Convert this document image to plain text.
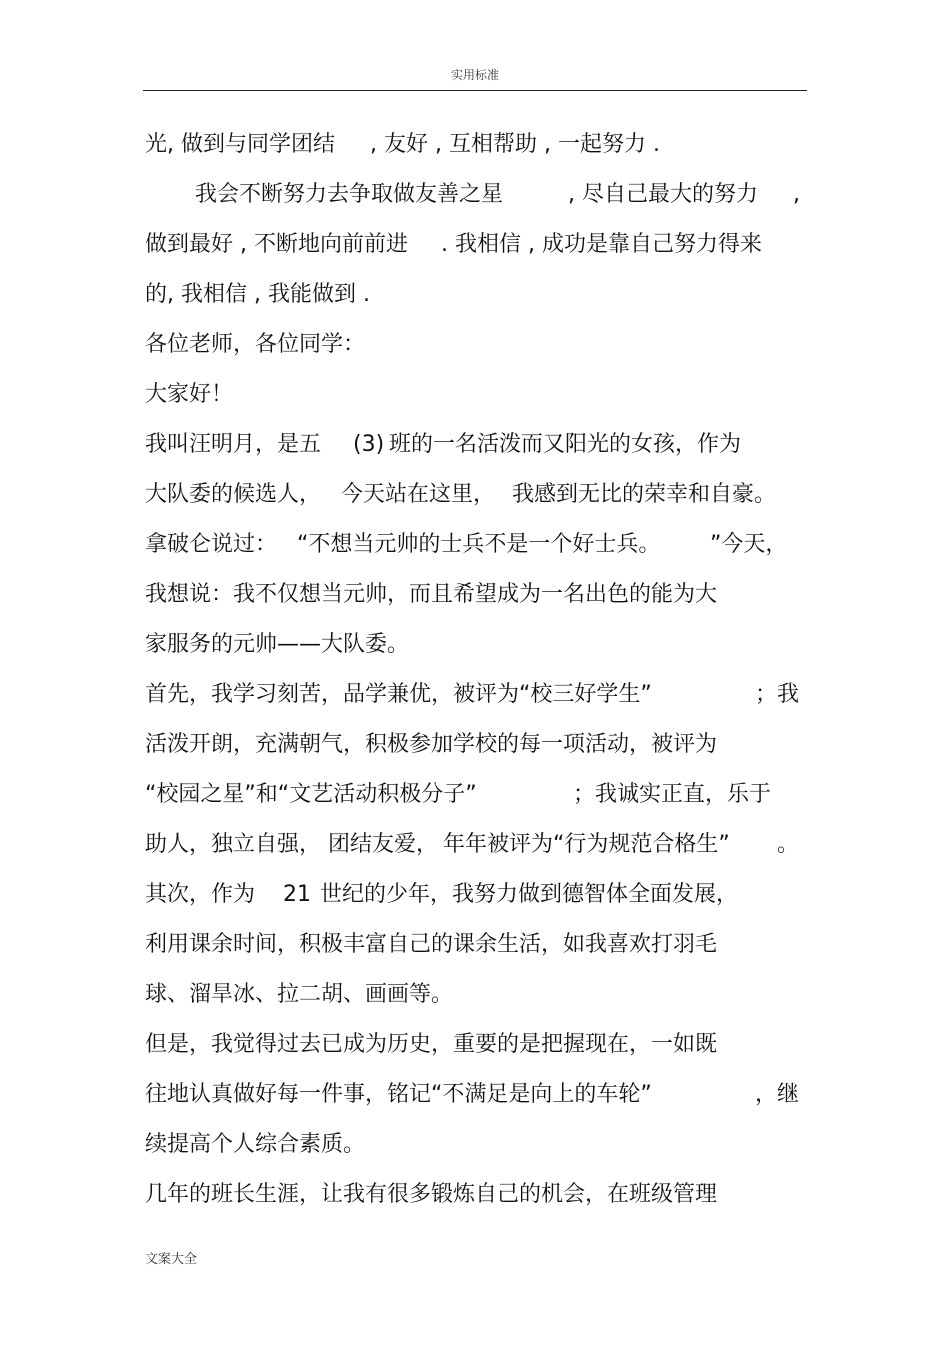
实用标准
光, 做到与同学团结 , 友好 , 互相帮助 , 一起努力 .
我会不断努力去争取做友善之星	, 尽自己最大的努力 ,
做到最好 , 不断地向前前进 . 我相信 , 成功是靠自己努力得来
的, 我相信 , 我能做到 .
各位老师，各位同学：
大家好！
我叫汪明月，是五 (3) 班的一名活泼而又阳光的女孩，作为
大队委的候选人， 今天站在这里， 我感到无比的荣幸和自豪。
拿破仑说过： “不想当元帅的士兵不是一个好士兵。 ”今天，
我想说：我不仅想当元帅，而且希望成为一名出色的能为大
家服务的元帅——大队委。
首先，我学习刻苦，品学兼优，被评为“校三好学生”	；我
活泼开朗，充满朝气，积极参加学校的每一项活动，被评为
“校园之星”和“文艺活动积极分子”	；我诚实正直，乐于
助人，独立自强， 团结友爱， 年年被评为“行为规范合格生” 。
其次，作为 21 世纪的少年，我努力做到德智体全面发展，
利用课余时间，积极丰富自己的课余生活，如我喜欢打羽毛
球、溜旱冰、拉二胡、画画等。
但是，我觉得过去已成为历史，重要的是把握现在，一如既
往地认真做好每一件事，铭记“不满足是向上的车轮”	，继
续提高个人综合素质。
几年的班长生涯，让我有很多锻炼自己的机会，在班级管理
文案大全
